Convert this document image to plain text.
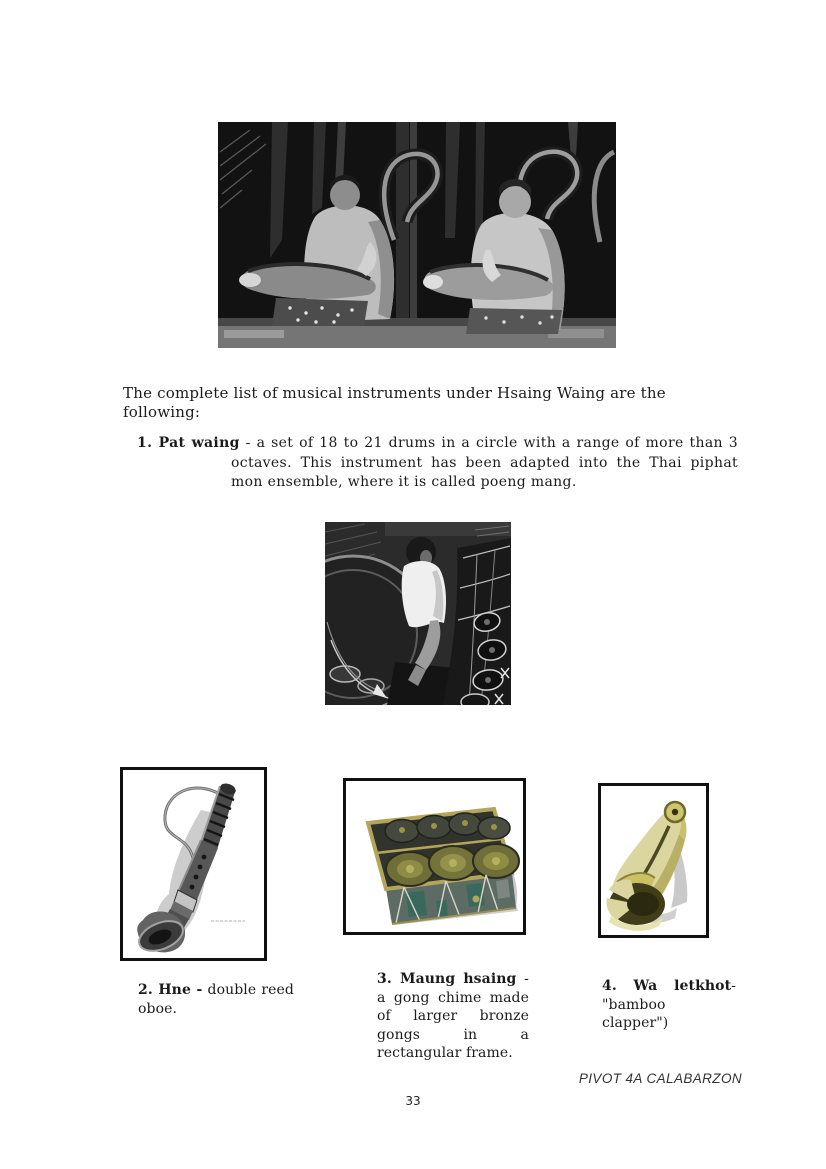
The complete list of musical instruments under Hsaing Waing are the following:
1. Pat waing - a set of 18 to 21 drums in a circle with a range of more than 3 octaves. This instrument has been adapted into the Thai piphat mon ensemble, where it is called poeng mang.
2. Hne - double reed oboe.
3. Maung hsaing - a gong chime made of larger bronze gongs in a rectangular frame.
4. Wa letkhot- "bamboo clapper")
PIVOT 4A CALABARZON
33
